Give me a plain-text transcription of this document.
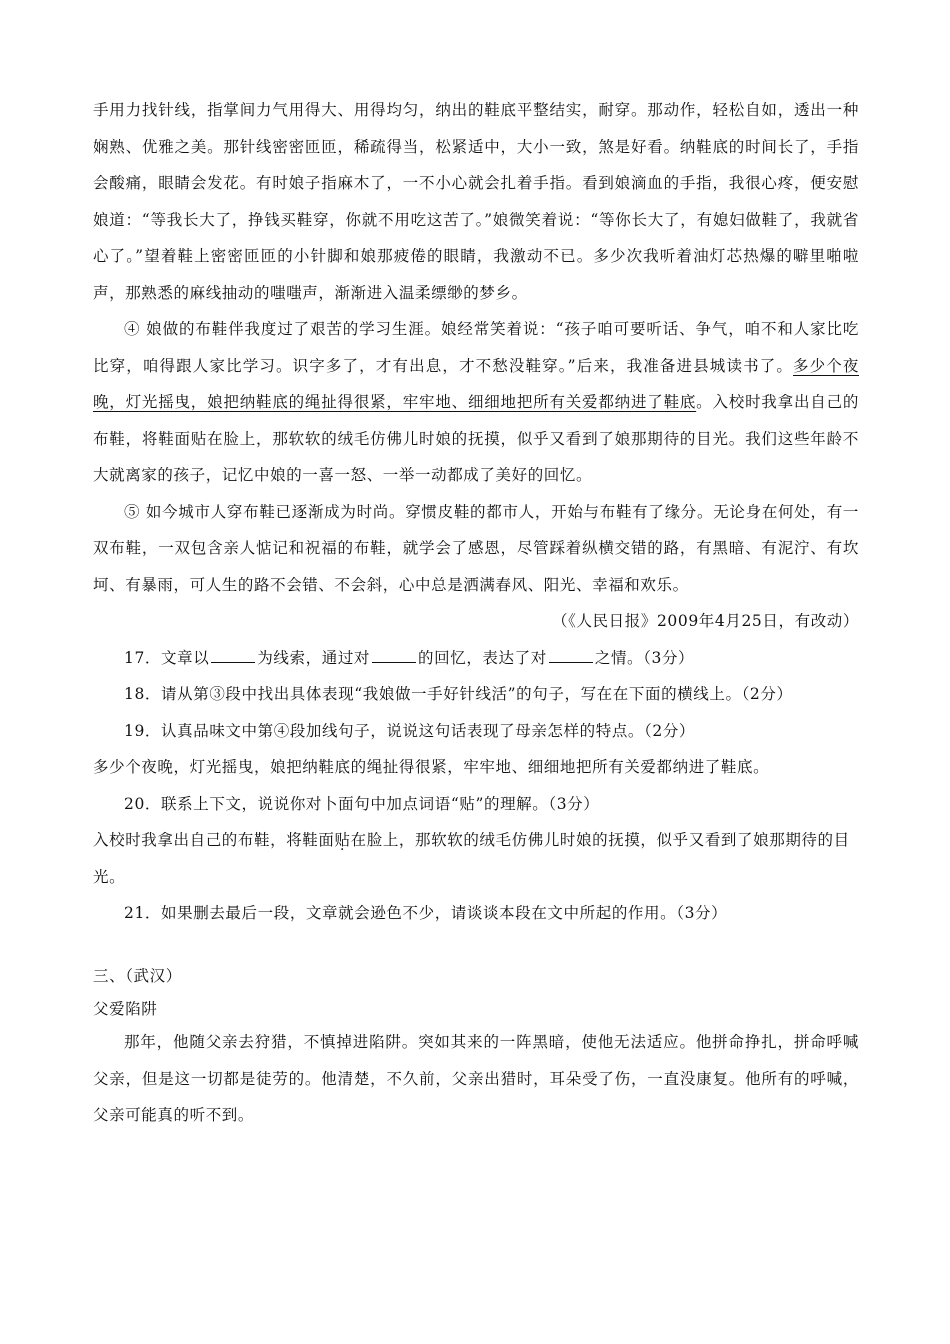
手用力找针线，指掌间力气用得大、用得均匀，纳出的鞋底平整结实，耐穿。那动作，轻松自如，透出一种娴熟、优雅之美。那针线密密匝匝，稀疏得当，松紧适中，大小一致，煞是好看。纳鞋底的时间长了，手指会酸痛，眼睛会发花。有时娘子指麻木了，一不小心就会扎着手指。看到娘滴血的手指，我很心疼，便安慰娘道：“等我长大了，挣钱买鞋穿，你就不用吃这苦了。”娘微笑着说：“等你长大了，有媳妇做鞋了，我就省心了。”望着鞋上密密匝匝的小针脚和娘那疲倦的眼睛，我激动不已。多少次我听着油灯芯热爆的噼里啪啦声，那熟悉的麻线抽动的嗤嗤声，渐渐进入温柔缥缈的梦乡。

④ 娘做的布鞋伴我度过了艰苦的学习生涯。娘经常笑着说：“孩子咱可要听话、争气，咱不和人家比吃比穿，咱得跟人家比学习。识字多了，才有出息，才不愁没鞋穿。”后来，我准备进县城读书了。多少个夜晚，灯光摇曳，娘把纳鞋底的绳扯得很紧，牢牢地、细细地把所有关爱都纳进了鞋底。入校时我拿出自己的布鞋，将鞋面贴在脸上，那软软的绒毛仿佛儿时娘的抚摸，似乎又看到了娘那期待的目光。我们这些年龄不大就离家的孩子，记忆中娘的一喜一怒、一举一动都成了美好的回忆。

⑤ 如今城市人穿布鞋已逐渐成为时尚。穿惯皮鞋的都市人，开始与布鞋有了缘分。无论身在何处，有一双布鞋，一双包含亲人惦记和祝福的布鞋，就学会了感恩，尽管踩着纵横交错的路，有黑暗、有泥泞、有坎坷、有暴雨，可人生的路不会错、不会斜，心中总是洒满春风、阳光、幸福和欢乐。

（《人民日报》2009年4月25日，有改动）

17．文章以	为线索，通过对	的回忆，表达了对	之情。（3分）

18．请从第③段中找出具体表现“我娘做一手好针线活”的句子，写在在下面的横线上。（2分）

19．认真品味文中第④段加线句子，说说这句话表现了母亲怎样的特点。（2分）

多少个夜晚，灯光摇曳，娘把纳鞋底的绳扯得很紧，牢牢地、细细地把所有关爱都纳进了鞋底。

20．联系上下文，说说你对卜面句中加点词语“贴”的理解。（3分）

入校时我拿出自己的布鞋，将鞋面贴在脸上，那软软的绒毛仿佛儿时娘的抚摸，似乎又看到了娘那期待的目光。

21．如果删去最后一段，文章就会逊色不少，请谈谈本段在文中所起的作用。（3分）

三、（武汉）

父爱陷阱

那年，他随父亲去狩猎，不慎掉进陷阱。突如其来的一阵黑暗，使他无法适应。他拼命挣扎，拼命呼喊父亲，但是这一切都是徒劳的。他清楚，不久前，父亲出猎时，耳朵受了伤，一直没康复。他所有的呼喊，父亲可能真的听不到。
